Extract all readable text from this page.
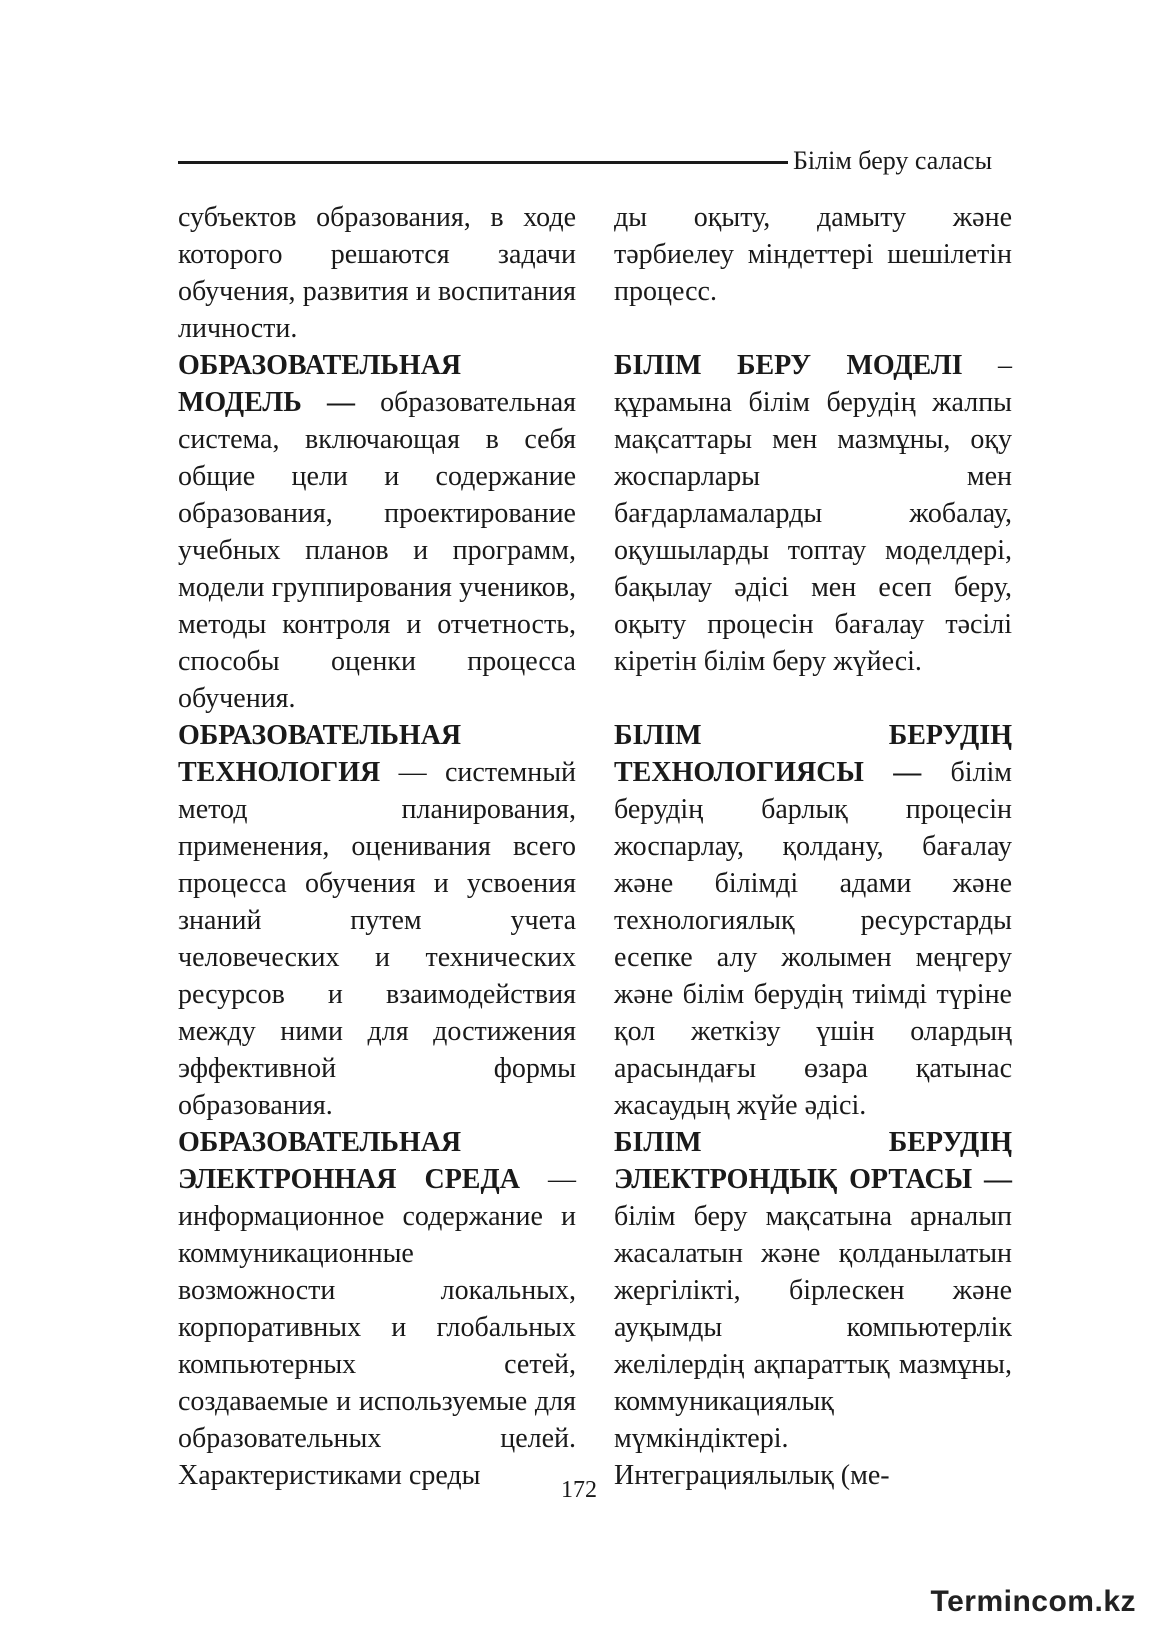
Білім беру саласы

субъектов образования, в ходе которого решаются задачи обучения, развития и воспитания личности.

ОБРАЗОВАТЕЛЬНАЯ МОДЕЛЬ — образовательная система, включающая в себя общие цели и содержание образования, проектирование учебных планов и программ, модели группирования учеников, методы контроля и отчетность, способы оценки процесса обучения.

ОБРАЗОВАТЕЛЬНАЯ ТЕХНОЛОГИЯ — системный метод планирования, применения, оценивания всего процесса обучения и усвоения знаний путем учета человеческих и технических ресурсов и взаимодействия между ними для достижения эффективной формы образования.

ОБРАЗОВАТЕЛЬНАЯ ЭЛЕКТРОННАЯ СРЕДА — информационное содержание и коммуникационные возможности локальных, корпоративных и глобальных компьютерных сетей, создаваемые и используемые для образовательных целей. Характеристиками среды

ды оқыту, дамыту және тәрбиелеу міндеттері шешілетін процесс.

БІЛІМ БЕРУ МОДЕЛІ – құрамына білім берудің жалпы мақсаттары мен мазмұны, оқу жоспарлары мен бағдарламаларды жобалау, оқушыларды топтау моделдері, бақылау әдісі мен есеп беру, оқыту процесін бағалау тәсілі кіретін білім беру жүйесі.

БІЛІМ БЕРУДІҢ ТЕХНОЛОГИЯСЫ — білім берудің барлық процесін жоспарлау, қолдану, бағалау және білімді адами және технологиялық ресурстарды есепке алу жолымен меңгеру және білім берудің тиімді түріне қол жеткізу үшін олардың арасындағы өзара қатынас жасаудың жүйе әдісі.

БІЛІМ БЕРУДІҢ ЭЛЕКТРОНДЫҚ ОРТАСЫ — білім беру мақсатына арналып жасалатын және қолданылатын жергілікті, бірлескен және ауқымды компьютерлік желілердің ақпараттық мазмұны, коммуникациялық мүмкіндіктері. Интеграциялылық (ме-

172
Termincom.kz
